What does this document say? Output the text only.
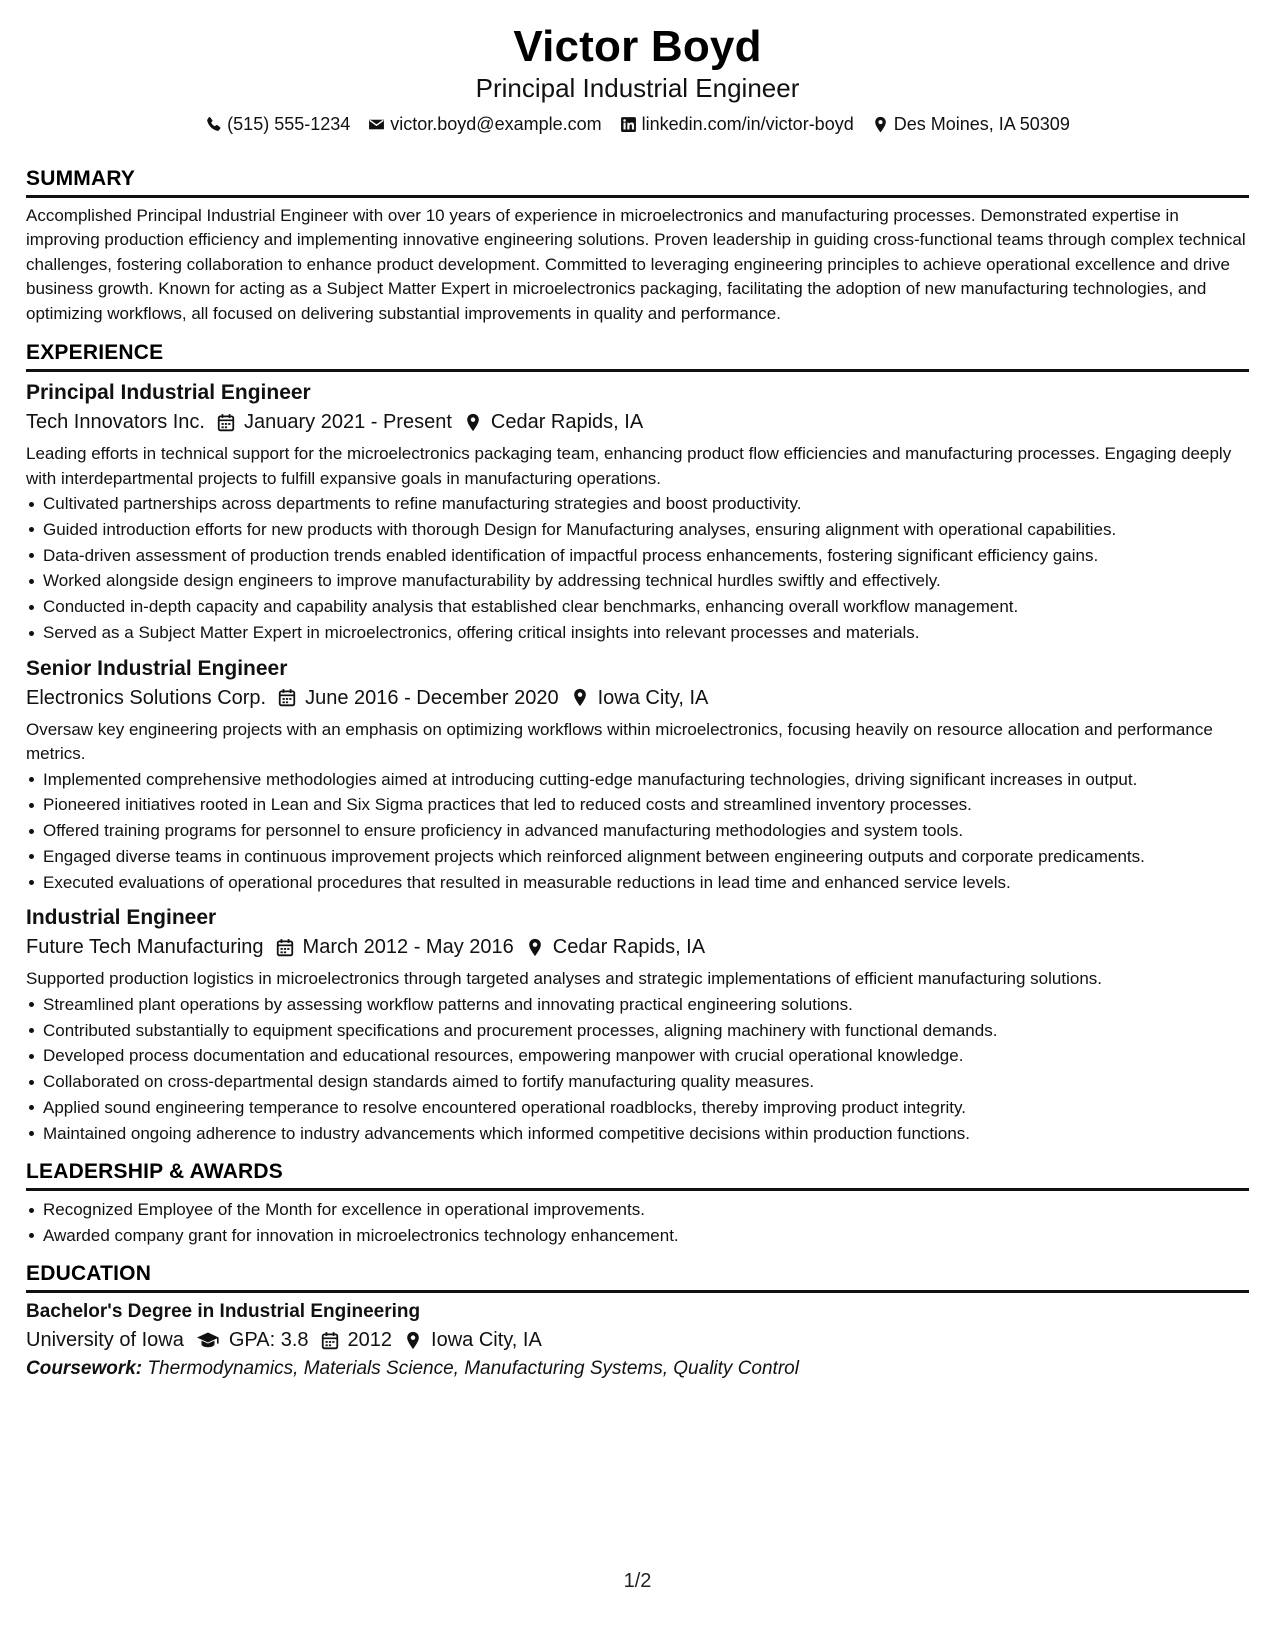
Victor Boyd
Principal Industrial Engineer
(515) 555-1234 victor.boyd@example.com linkedin.com/in/victor-boyd Des Moines, IA 50309
SUMMARY
Accomplished Principal Industrial Engineer with over 10 years of experience in microelectronics and manufacturing processes. Demonstrated expertise in improving production efficiency and implementing innovative engineering solutions. Proven leadership in guiding cross-functional teams through complex technical challenges, fostering collaboration to enhance product development. Committed to leveraging engineering principles to achieve operational excellence and drive business growth. Known for acting as a Subject Matter Expert in microelectronics packaging, facilitating the adoption of new manufacturing technologies, and optimizing workflows, all focused on delivering substantial improvements in quality and performance.
EXPERIENCE
Principal Industrial Engineer
Tech Innovators Inc. January 2021 - Present Cedar Rapids, IA
Leading efforts in technical support for the microelectronics packaging team, enhancing product flow efficiencies and manufacturing processes. Engaging deeply with interdepartmental projects to fulfill expansive goals in manufacturing operations.
Cultivated partnerships across departments to refine manufacturing strategies and boost productivity.
Guided introduction efforts for new products with thorough Design for Manufacturing analyses, ensuring alignment with operational capabilities.
Data-driven assessment of production trends enabled identification of impactful process enhancements, fostering significant efficiency gains.
Worked alongside design engineers to improve manufacturability by addressing technical hurdles swiftly and effectively.
Conducted in-depth capacity and capability analysis that established clear benchmarks, enhancing overall workflow management.
Served as a Subject Matter Expert in microelectronics, offering critical insights into relevant processes and materials.
Senior Industrial Engineer
Electronics Solutions Corp. June 2016 - December 2020 Iowa City, IA
Oversaw key engineering projects with an emphasis on optimizing workflows within microelectronics, focusing heavily on resource allocation and performance metrics.
Implemented comprehensive methodologies aimed at introducing cutting-edge manufacturing technologies, driving significant increases in output.
Pioneered initiatives rooted in Lean and Six Sigma practices that led to reduced costs and streamlined inventory processes.
Offered training programs for personnel to ensure proficiency in advanced manufacturing methodologies and system tools.
Engaged diverse teams in continuous improvement projects which reinforced alignment between engineering outputs and corporate predicaments.
Executed evaluations of operational procedures that resulted in measurable reductions in lead time and enhanced service levels.
Industrial Engineer
Future Tech Manufacturing March 2012 - May 2016 Cedar Rapids, IA
Supported production logistics in microelectronics through targeted analyses and strategic implementations of efficient manufacturing solutions.
Streamlined plant operations by assessing workflow patterns and innovating practical engineering solutions.
Contributed substantially to equipment specifications and procurement processes, aligning machinery with functional demands.
Developed process documentation and educational resources, empowering manpower with crucial operational knowledge.
Collaborated on cross-departmental design standards aimed to fortify manufacturing quality measures.
Applied sound engineering temperance to resolve encountered operational roadblocks, thereby improving product integrity.
Maintained ongoing adherence to industry advancements which informed competitive decisions within production functions.
LEADERSHIP & AWARDS
Recognized Employee of the Month for excellence in operational improvements.
Awarded company grant for innovation in microelectronics technology enhancement.
EDUCATION
Bachelor's Degree in Industrial Engineering
University of Iowa GPA: 3.8 2012 Iowa City, IA
Coursework: Thermodynamics, Materials Science, Manufacturing Systems, Quality Control
1/2
